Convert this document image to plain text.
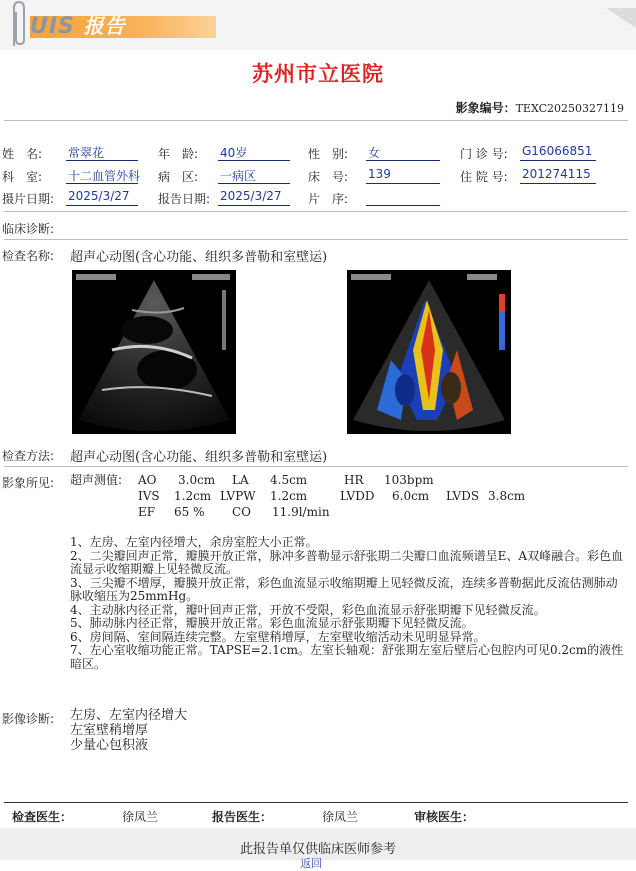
UIS 报告
苏州市立医院
影象编号：TEXC20250327119
姓　名: 常翠花	年　龄: 40岁	性　别: 女	门 诊 号: G16066851
科　室: 十二血管外科 病　区: 一病区	床　号: 139	住 院 号: 201274115
摄片日期: 2025/3/27	报告日期: 2025/3/27	片　序:
临床诊断:
检查名称: 超声心动图(含心功能、组织多普勒和室壁运)
检查方法: 超声心动图(含心功能、组织多普勒和室壁运)
影象所见: 超声测值: AO 3.0cm LA 4.5cm	HR 103bpm
IVS 1.2cm LVPW 1.2cm	LVDD 6.0cm LVDS 3.8cm
EF 65 % CO 11.9l/min
1、左房、左室内径增大，余房室腔大小正常。
2、二尖瓣回声正常，瓣膜开放正常，脉冲多普勒显示舒张期二尖瓣口血流频谱呈E、A双峰融合。彩色血流显示收缩期瓣上见轻微反流。
3、三尖瓣不增厚，瓣膜开放正常，彩色血流显示收缩期瓣上见轻微反流，连续多普勒据此反流估测肺动脉收缩压为25mmHg。
4、主动脉内径正常，瓣叶回声正常，开放不受限，彩色血流显示舒张期瓣下见轻微反流。
5、肺动脉内径正常，瓣膜开放正常。彩色血流显示舒张期瓣下见轻微反流。
6、房间隔、室间隔连续完整。左室壁稍增厚，左室壁收缩活动未见明显异常。
7、左心室收缩功能正常。TAPSE=2.1cm。左室长轴观：舒张期左室后壁后心包腔内可见0.2cm的液性暗区。
影像诊断: 左房、左室内径增大
左室壁稍增厚
少量心包积液
检查医生：	徐凤兰	报告医生：	徐凤兰	审核医生：
此报告单仅供临床医师参考
返回
